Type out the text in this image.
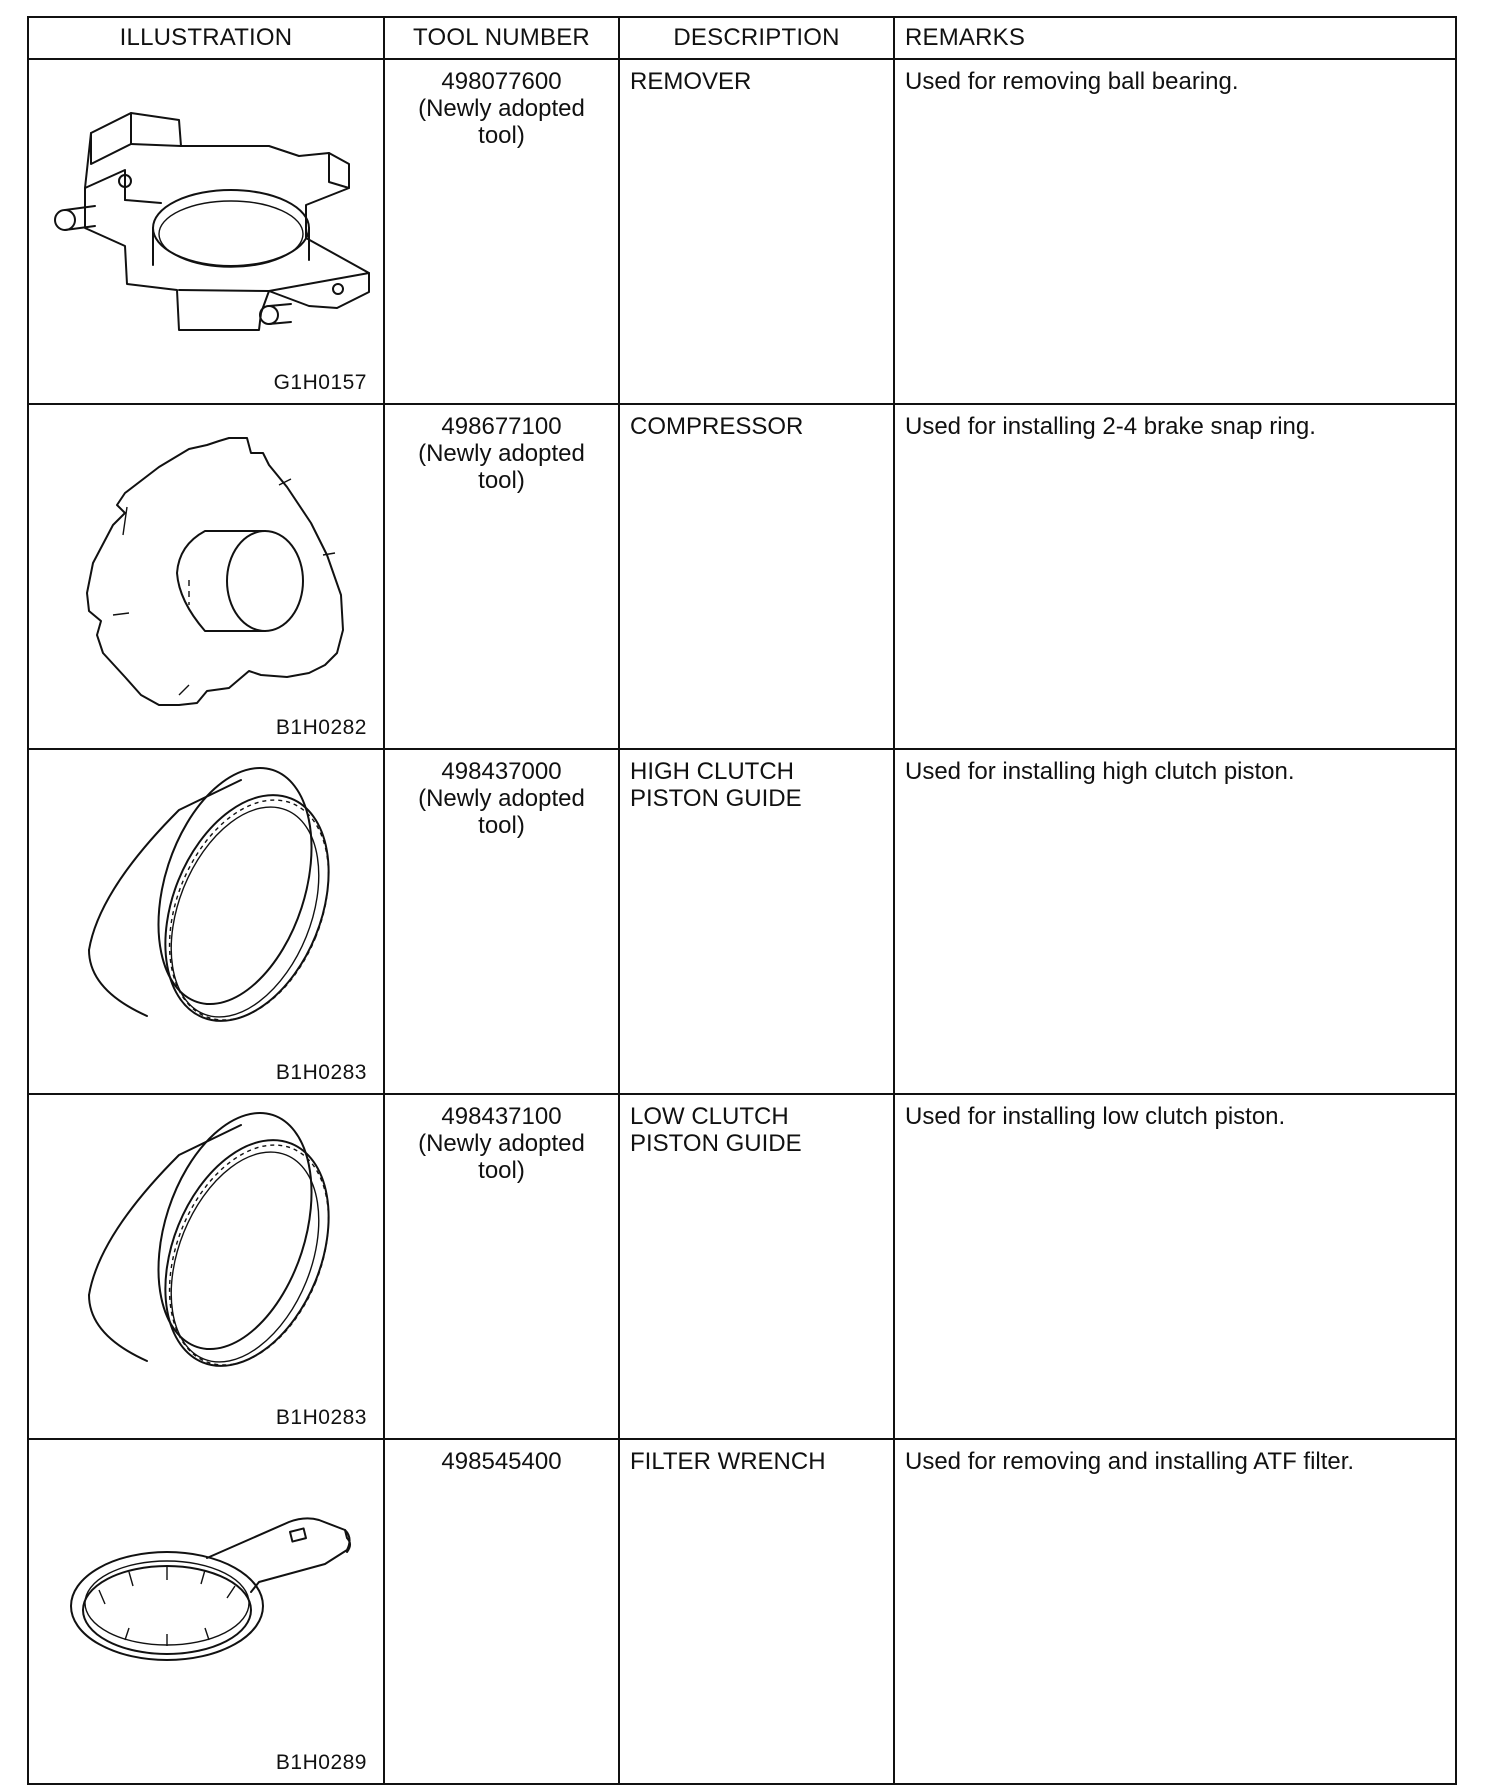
ILLUSTRATION	TOOL NUMBER	DESCRIPTION	REMARKS

G1H0157	498077600
(Newly adopted
tool)	REMOVER	Used for removing ball bearing.

B1H0282	498677100
(Newly adopted
tool)	COMPRESSOR	Used for installing 2-4 brake snap ring.

B1H0283	498437000
(Newly adopted
tool)	HIGH CLUTCH
PISTON GUIDE	Used for installing high clutch piston.

B1H0283	498437100
(Newly adopted
tool)	LOW CLUTCH
PISTON GUIDE	Used for installing low clutch piston.

B1H0289	498545400	FILTER WRENCH	Used for removing and installing ATF filter.
